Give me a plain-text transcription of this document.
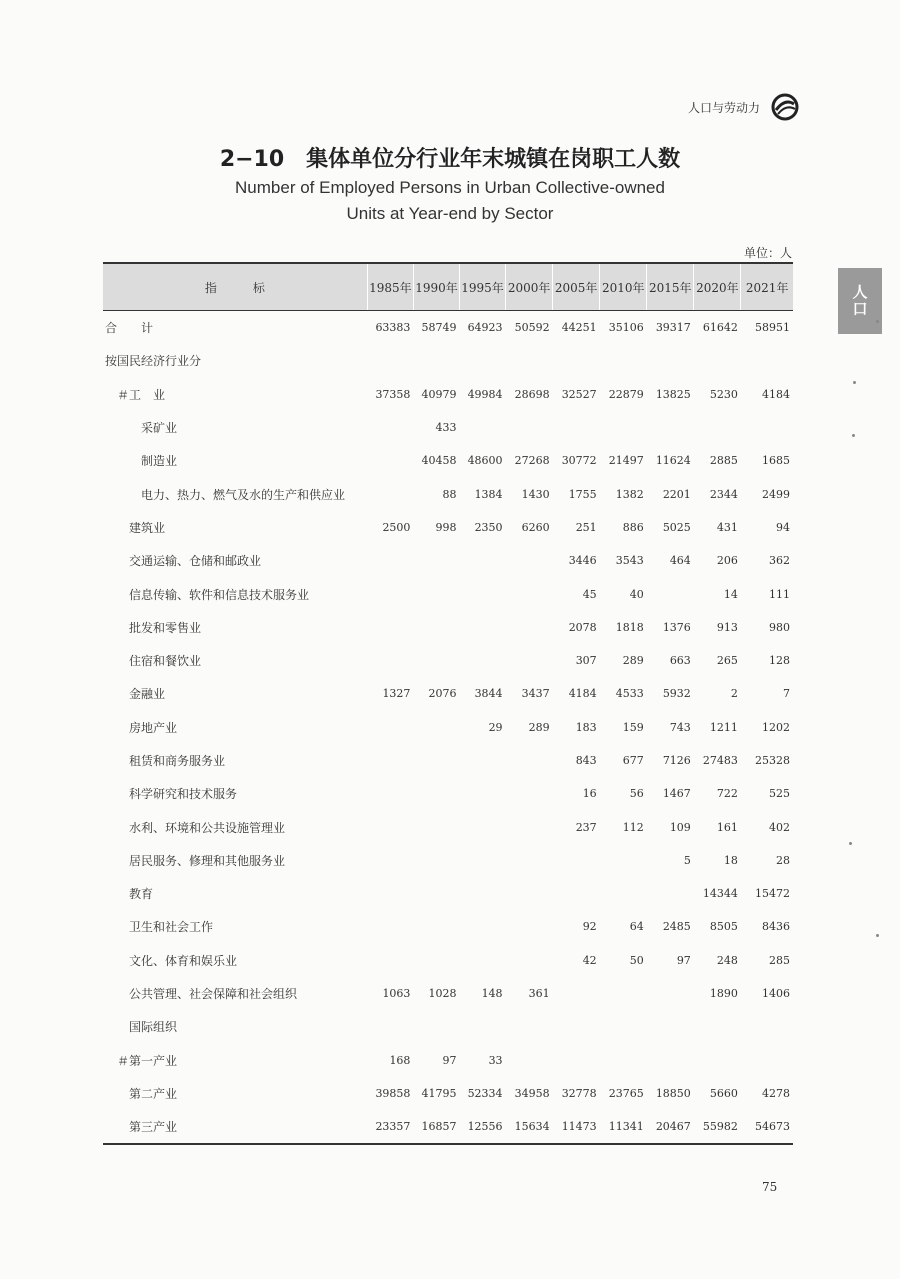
人口与劳动力
人口
2−10　集体单位分行业年末城镇在岗职工人数
Number of Employed Persons in Urban Collective-owned
Units at Year-end by Sector
单位：人
指　　　标	1985年	1990年	1995年	2000年	2005年	2010年	2015年	2020年	2021年
合　　计	63383	58749	64923	50592	44251	35106	39317	61642	58951
按国民经济行业分									
＃工　业	37358	40979	49984	28698	32527	22879	13825	5230	4184
采矿业		433							
制造业		40458	48600	27268	30772	21497	11624	2885	1685
电力、热力、燃气及水的生产和供应业		88	1384	1430	1755	1382	2201	2344	2499
建筑业	2500	998	2350	6260	251	886	5025	431	94
交通运输、仓储和邮政业					3446	3543	464	206	362
信息传输、软件和信息技术服务业					45	40		14	111
批发和零售业					2078	1818	1376	913	980
住宿和餐饮业					307	289	663	265	128
金融业	1327	2076	3844	3437	4184	4533	5932	2	7
房地产业			29	289	183	159	743	1211	1202
租赁和商务服务业					843	677	7126	27483	25328
科学研究和技术服务					16	56	1467	722	525
水利、环境和公共设施管理业					237	112	109	161	402
居民服务、修理和其他服务业							5	18	28
教育								14344	15472
卫生和社会工作					92	64	2485	8505	8436
文化、体育和娱乐业					42	50	97	248	285
公共管理、社会保障和社会组织	1063	1028	148	361				1890	1406
国际组织									
＃第一产业	168	97	33						
第二产业	39858	41795	52334	34958	32778	23765	18850	5660	4278
第三产业	23357	16857	12556	15634	11473	11341	20467	55982	54673
75
